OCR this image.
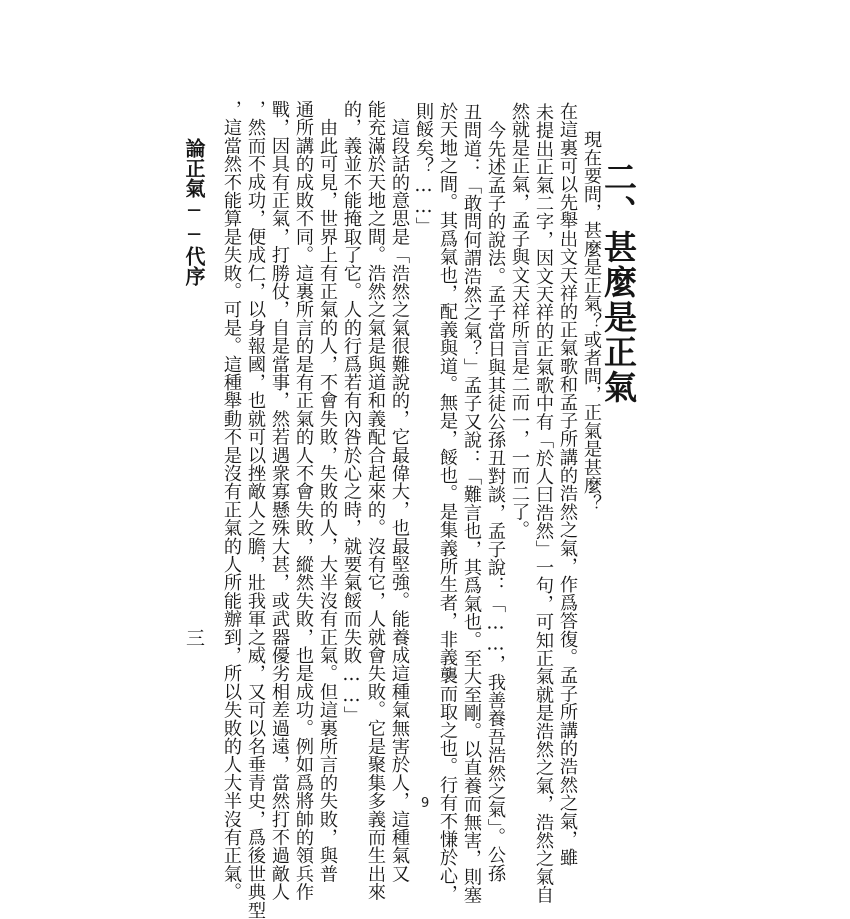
二、甚麼是正氣
　現在要問，甚麼是正氣？或者問，正氣是甚麼？
在這裏可以先舉出文天祥的正氣歌和孟子所講的浩然之氣，作爲答復。孟子所講的浩然之氣，雖
未提出正氣二字，因文天祥的正氣歌中有「於人曰浩然」一句，可知正氣就是浩然之氣，浩然之氣自
然就是正氣，孟子與文天祥所言是二而一，一而二了。
　今先述孟子的說法。孟子當日與其徒公孫丑對談，孟子說：「……，我善養吾浩然之氣」。公孫
丑問道：「敢問何謂浩然之氣？」孟子又說：「難言也，其爲氣也。至大至剛。以直養而無害，則塞
於天地之間。其爲氣也，配義與道。無是，餒也。是集義所生者，非義襲而取之也。行有不慊於心，
則餒矣？……」
　這段話的意思是「浩然之氣很難說的，它最偉大，也最堅強。能養成這種氣無害於人，這種氣又
能充滿於天地之間。浩然之氣是與道和義配合起來的。沒有它，人就會失敗。它是聚集多義而生出來
的，義並不能掩取了它。人的行爲若有內咎於心之時，就要氣餒而失敗……」
　由此可見，世界上有正氣的人，不會失敗，失敗的人，大半沒有正氣。但這裏所言的失敗，與普
通所講的成敗不同。這裏所言的是有正氣的人不會失敗，縱然失敗，也是成功。例如爲將帥的領兵作
戰，因具有正氣，打勝仗，自是當事，然若遇衆寡懸殊大甚，或武器優劣相差過遠，當然打不過敵人
，然而不成功，便成仁，以身報國，也就可以挫敵人之膽，壯我軍之威，又可以名垂青史，爲後世典型
，這當然不能算是失敗。可是。這種舉動不是沒有正氣的人所能辦到，所以失敗的人大半沒有正氣。
論正氣──代序
三
9
